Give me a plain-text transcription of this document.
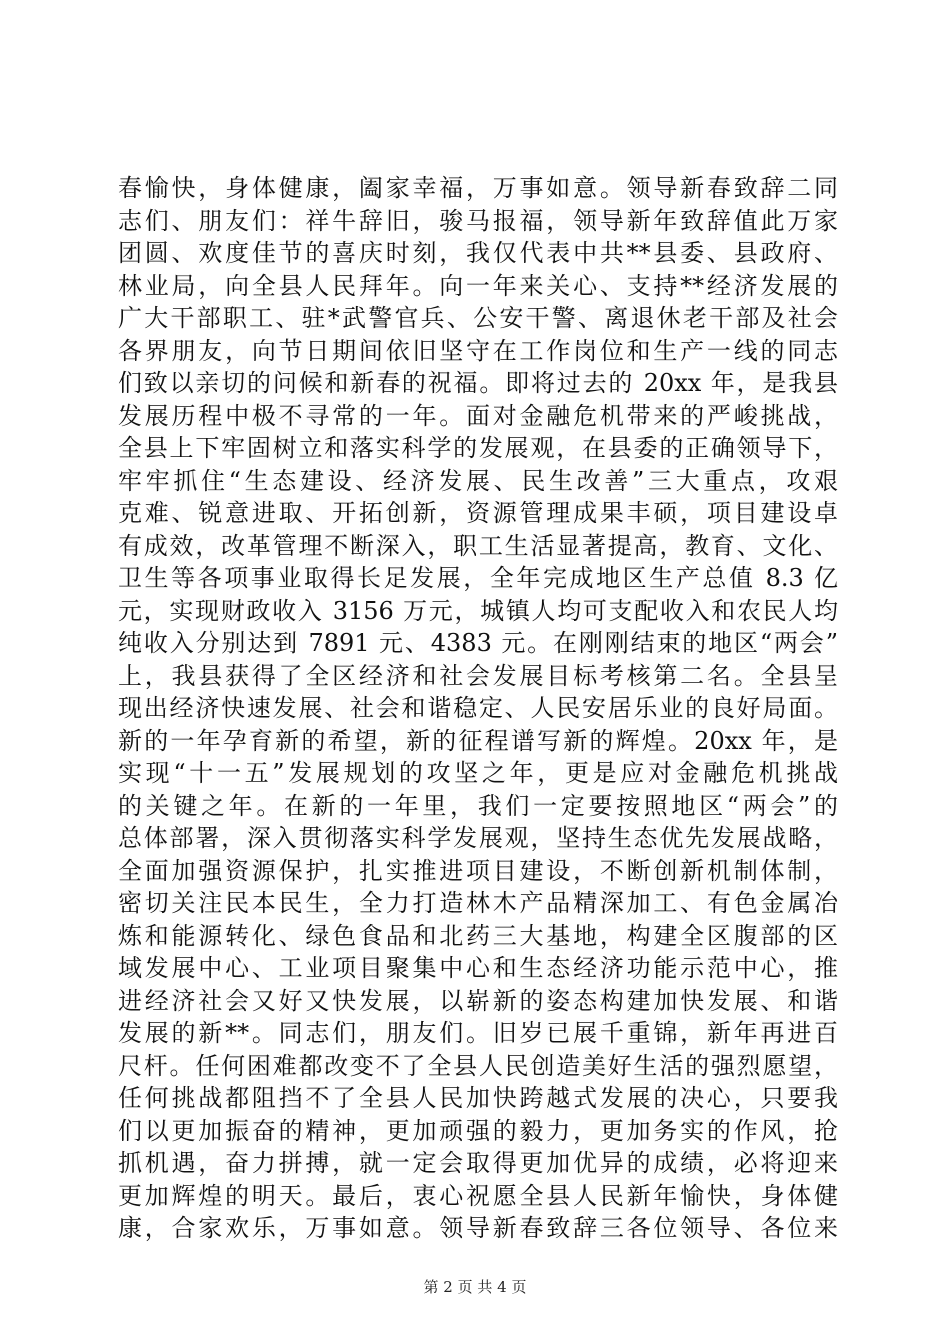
春愉快，身体健康，阖家幸福，万事如意。领导新春致辞二同
志们、朋友们：祥牛辞旧，骏马报福，领导新年致辞值此万家
团圆、欢度佳节的喜庆时刻，我仅代表中共**县委、县政府、
林业局，向全县人民拜年。向一年来关心、支持**经济发展的
广大干部职工、驻*武警官兵、公安干警、离退休老干部及社会
各界朋友，向节日期间依旧坚守在工作岗位和生产一线的同志
们致以亲切的问候和新春的祝福。即将过去的 20xx 年，是我县
发展历程中极不寻常的一年。面对金融危机带来的严峻挑战，
全县上下牢固树立和落实科学的发展观，在县委的正确领导下，
牢牢抓住“生态建设、经济发展、民生改善”三大重点，攻艰
克难、锐意进取、开拓创新，资源管理成果丰硕，项目建设卓
有成效，改革管理不断深入，职工生活显著提高，教育、文化、
卫生等各项事业取得长足发展，全年完成地区生产总值 8.3 亿
元，实现财政收入 3156 万元，城镇人均可支配收入和农民人均
纯收入分别达到 7891 元、4383 元。在刚刚结束的地区“两会”
上，我县获得了全区经济和社会发展目标考核第二名。全县呈
现出经济快速发展、社会和谐稳定、人民安居乐业的良好局面。
新的一年孕育新的希望，新的征程谱写新的辉煌。20xx 年，是
实现“十一五”发展规划的攻坚之年，更是应对金融危机挑战
的关键之年。在新的一年里，我们一定要按照地区“两会”的
总体部署，深入贯彻落实科学发展观，坚持生态优先发展战略，
全面加强资源保护，扎实推进项目建设，不断创新机制体制，
密切关注民本民生，全力打造林木产品精深加工、有色金属冶
炼和能源转化、绿色食品和北药三大基地，构建全区腹部的区
域发展中心、工业项目聚集中心和生态经济功能示范中心，推
进经济社会又好又快发展，以崭新的姿态构建加快发展、和谐
发展的新**。同志们，朋友们。旧岁已展千重锦，新年再进百
尺杆。任何困难都改变不了全县人民创造美好生活的强烈愿望，
任何挑战都阻挡不了全县人民加快跨越式发展的决心，只要我
们以更加振奋的精神，更加顽强的毅力，更加务实的作风，抢
抓机遇，奋力拼搏，就一定会取得更加优异的成绩，必将迎来
更加辉煌的明天。最后，衷心祝愿全县人民新年愉快，身体健
康，合家欢乐，万事如意。领导新春致辞三各位领导、各位来
第 2 页 共 4 页
